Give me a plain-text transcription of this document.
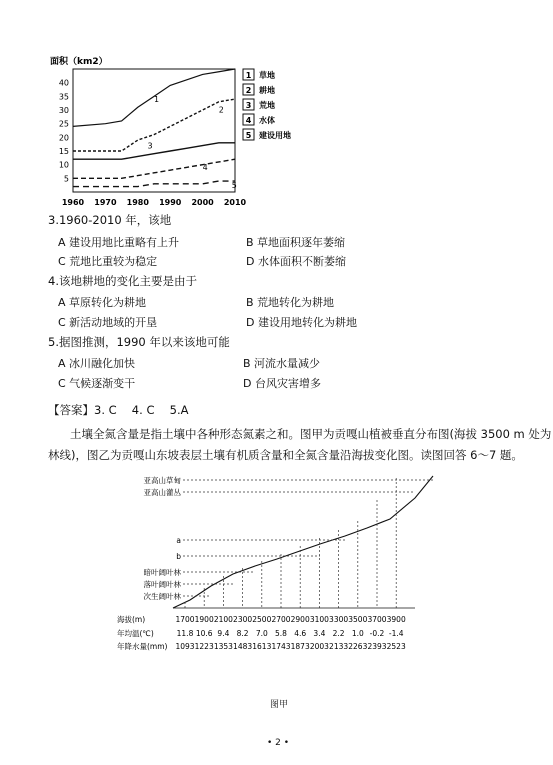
面积（km2）
40
35
30
25
20
15
10
5
1960 1970 1980 1990 2000 2010
1
2
3
4
5
1 草地
2 耕地
3 荒地
4 水体
5 建设用地
3.1960-2010 年，该地
A 建设用地比重略有上升	B 草地面积逐年萎缩
C 荒地比重较为稳定	D 水体面积不断萎缩
4.该地耕地的变化主要是由于
A 草原转化为耕地	B 荒地转化为耕地
C 新活动地域的开垦	D 建设用地转化为耕地
5.据图推测，1990 年以来该地可能
A 冰川融化加快	B 河流水量减少
C 气候逐渐变干	D 台风灾害增多
【答案】3. C　 4. C　 5.A
土壤全氮含量是指土壤中各种形态氮素之和。图甲为贡嘎山植被垂直分布图(海拔 3500 m 处为
林线)，图乙为贡嘎山东坡表层土壤有机质含量和全氮含量沿海拔变化图。读图回答 6～7 题。
亚高山草甸
亚高山灌丛
a
b
暗叶阔叶林
落叶阔叶林
次生阔叶林
海拔(m)	1700 1900 2100 2300 2500 2700 2900 3100 3300 3500 3700 3900
年均温(℃)	11.8 10.6 9.4 8.2 7.0 5.8 4.6 3.4 2.2 1.0 -0.2 -1.4
年降水量(mm) 1093 1223 1353 1483 1613 1743 1873 2003 2133 2263 2393 2523
图甲
• 2 •
